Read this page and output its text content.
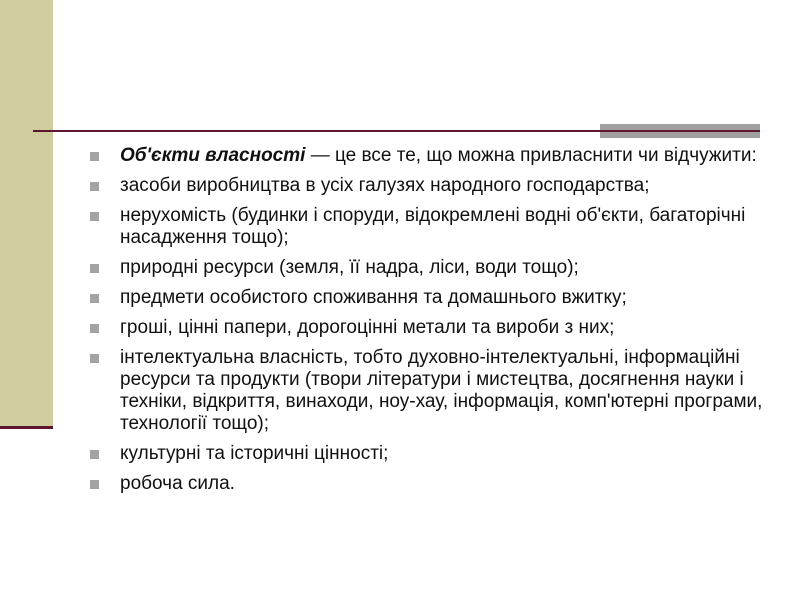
Об'єкти власності — це все те, що можна привласнити чи відчужити:
засоби виробництва в усіх галузях народного господарства;
нерухомість (будинки і споруди, відокремлені водні об'єкти, багаторічні насадження тощо);
природні ресурси (земля, її надра, ліси, води тощо);
предмети особистого споживання та домашнього вжитку;
гроші, цінні папери, дорогоцінні метали та вироби з них;
інтелектуальна власність, тобто духовно-інтелектуальні, інформаційні ресурси та продукти (твори літератури і мистецтва, досягнення науки і техніки, відкриття, винаходи, ноу-хау, інформація, комп'ютерні програми, технології тощо);
культурні та історичні цінності;
робоча сила.
